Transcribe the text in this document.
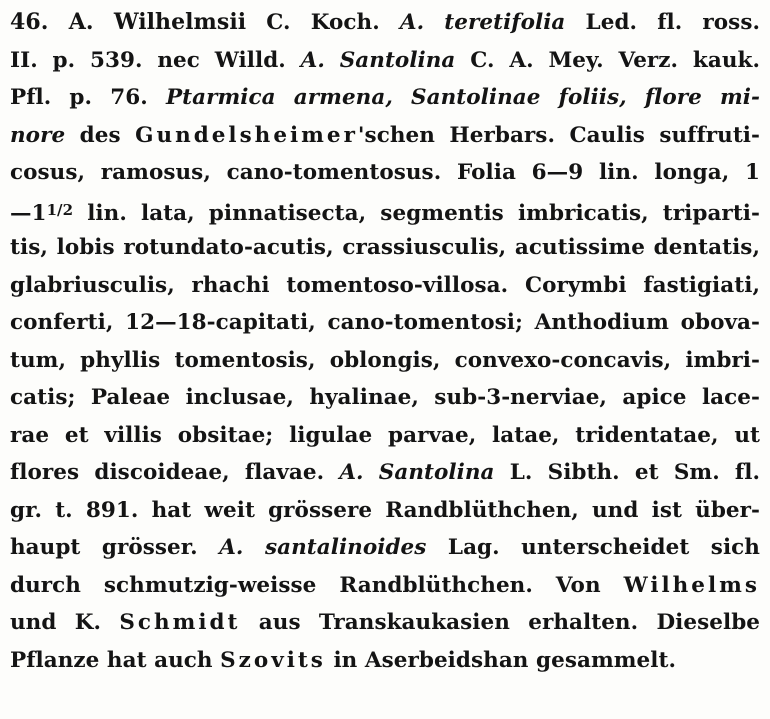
46. A. Wilhelmsii C. Koch. A. teretifolia Led. fl. ross.
II. p. 539. nec Willd. A. Santolina C. A. Mey. Verz. kauk.
Pfl. p. 76. Ptarmica armena, Santolinae foliis, flore mi-
nore des Gundelsheimer'schen Herbars. Caulis suffruti-
cosus, ramosus, cano-tomentosus. Folia 6—9 lin. longa, 1
$—1^{1/2}$ lin. lata, pinnatisecta, segmentis imbricatis, triparti-
tis, lobis rotundato-acutis, crassiusculis, acutissime dentatis,
glabriusculis, rhachi tomentoso-villosa. Corymbi fastigiati,
conferti, 12—18-capitati, cano-tomentosi; Anthodium obova-
tum, phyllis tomentosis, oblongis, convexo-concavis, imbri-
catis; Paleae inclusae, hyalinae, sub-3-nerviae, apice lace-
rae et villis obsitae; ligulae parvae, latae, tridentatae, ut
flores discoideae, flavae. A. Santolina L. Sibth. et Sm. fl.
gr. t. 891. hat weit grössere Randblüthchen, und ist über-
haupt grösser. A. santalinoides Lag. unterscheidet sich
durch schmutzig-weisse Randblüthchen. Von Wilhelms
und K. Schmidt aus Transkaukasien erhalten. Dieselbe
Pflanze hat auch Szovits in Aserbeidshan gesammelt.
